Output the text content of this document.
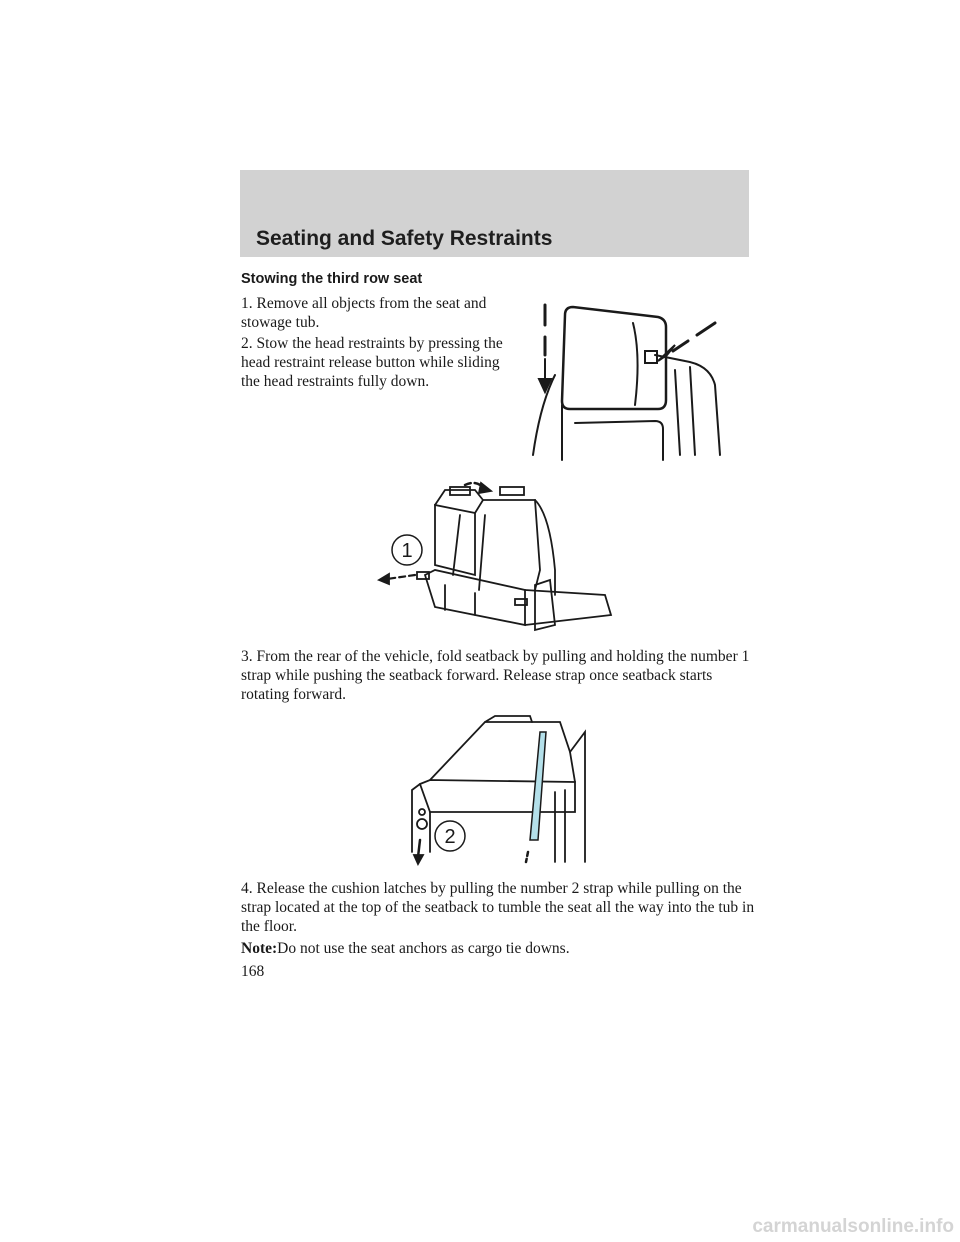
Seating and Safety Restraints
Stowing the third row seat

1. Remove all objects from the seat and stowage tub.

2. Stow the head restraints by pressing the head restraint release button while sliding the head restraints fully down.

1

3. From the rear of the vehicle, fold seatback by pulling and holding the number 1 strap while pushing the seatback forward. Release strap once seatback starts rotating forward.

2

4. Release the cushion latches by pulling the number 2 strap while pulling on the strap located at the top of the seatback to tumble the seat all the way into the tub in the floor.

Note:Do not use the seat anchors as cargo tie downs.

168

carmanualsonline.info
